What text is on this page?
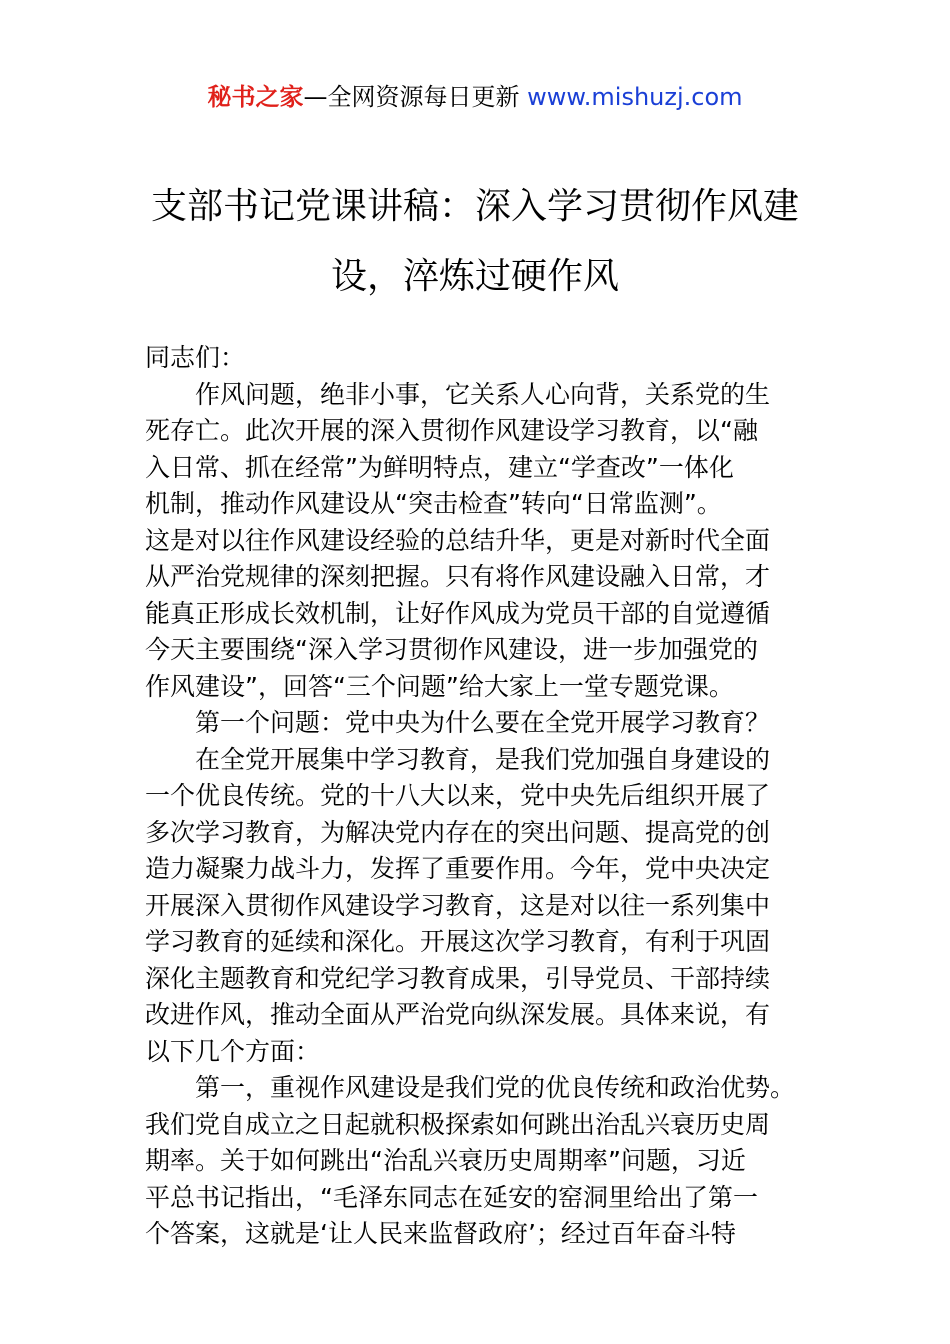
秘书之家—全网资源每日更新 www.mishuzj.com
支部书记党课讲稿：深入学习贯彻作风建
设，淬炼过硬作风
同志们：
作风问题，绝非小事，它关系人心向背，关系党的生
死存亡。此次开展的深入贯彻作风建设学习教育，以“融
入日常、抓在经常”为鲜明特点，建立“学查改”一体化
机制，推动作风建设从“突击检查”转向“日常监测”。
这是对以往作风建设经验的总结升华，更是对新时代全面
从严治党规律的深刻把握。只有将作风建设融入日常，才
能真正形成长效机制，让好作风成为党员干部的自觉遵循
今天主要围绕“深入学习贯彻作风建设，进一步加强党的
作风建设”，回答“三个问题”给大家上一堂专题党课。
第一个问题：党中央为什么要在全党开展学习教育？
在全党开展集中学习教育，是我们党加强自身建设的
一个优良传统。党的十八大以来，党中央先后组织开展了
多次学习教育，为解决党内存在的突出问题、提高党的创
造力凝聚力战斗力，发挥了重要作用。今年，党中央决定
开展深入贯彻作风建设学习教育，这是对以往一系列集中
学习教育的延续和深化。开展这次学习教育，有利于巩固
深化主题教育和党纪学习教育成果，引导党员、干部持续
改进作风，推动全面从严治党向纵深发展。具体来说，有
以下几个方面：
第一，重视作风建设是我们党的优良传统和政治优势。
我们党自成立之日起就积极探索如何跳出治乱兴衰历史周
期率。关于如何跳出“治乱兴衰历史周期率”问题，习近
平总书记指出，“毛泽东同志在延安的窑洞里给出了第一
个答案，这就是‘让人民来监督政府’；经过百年奋斗特
